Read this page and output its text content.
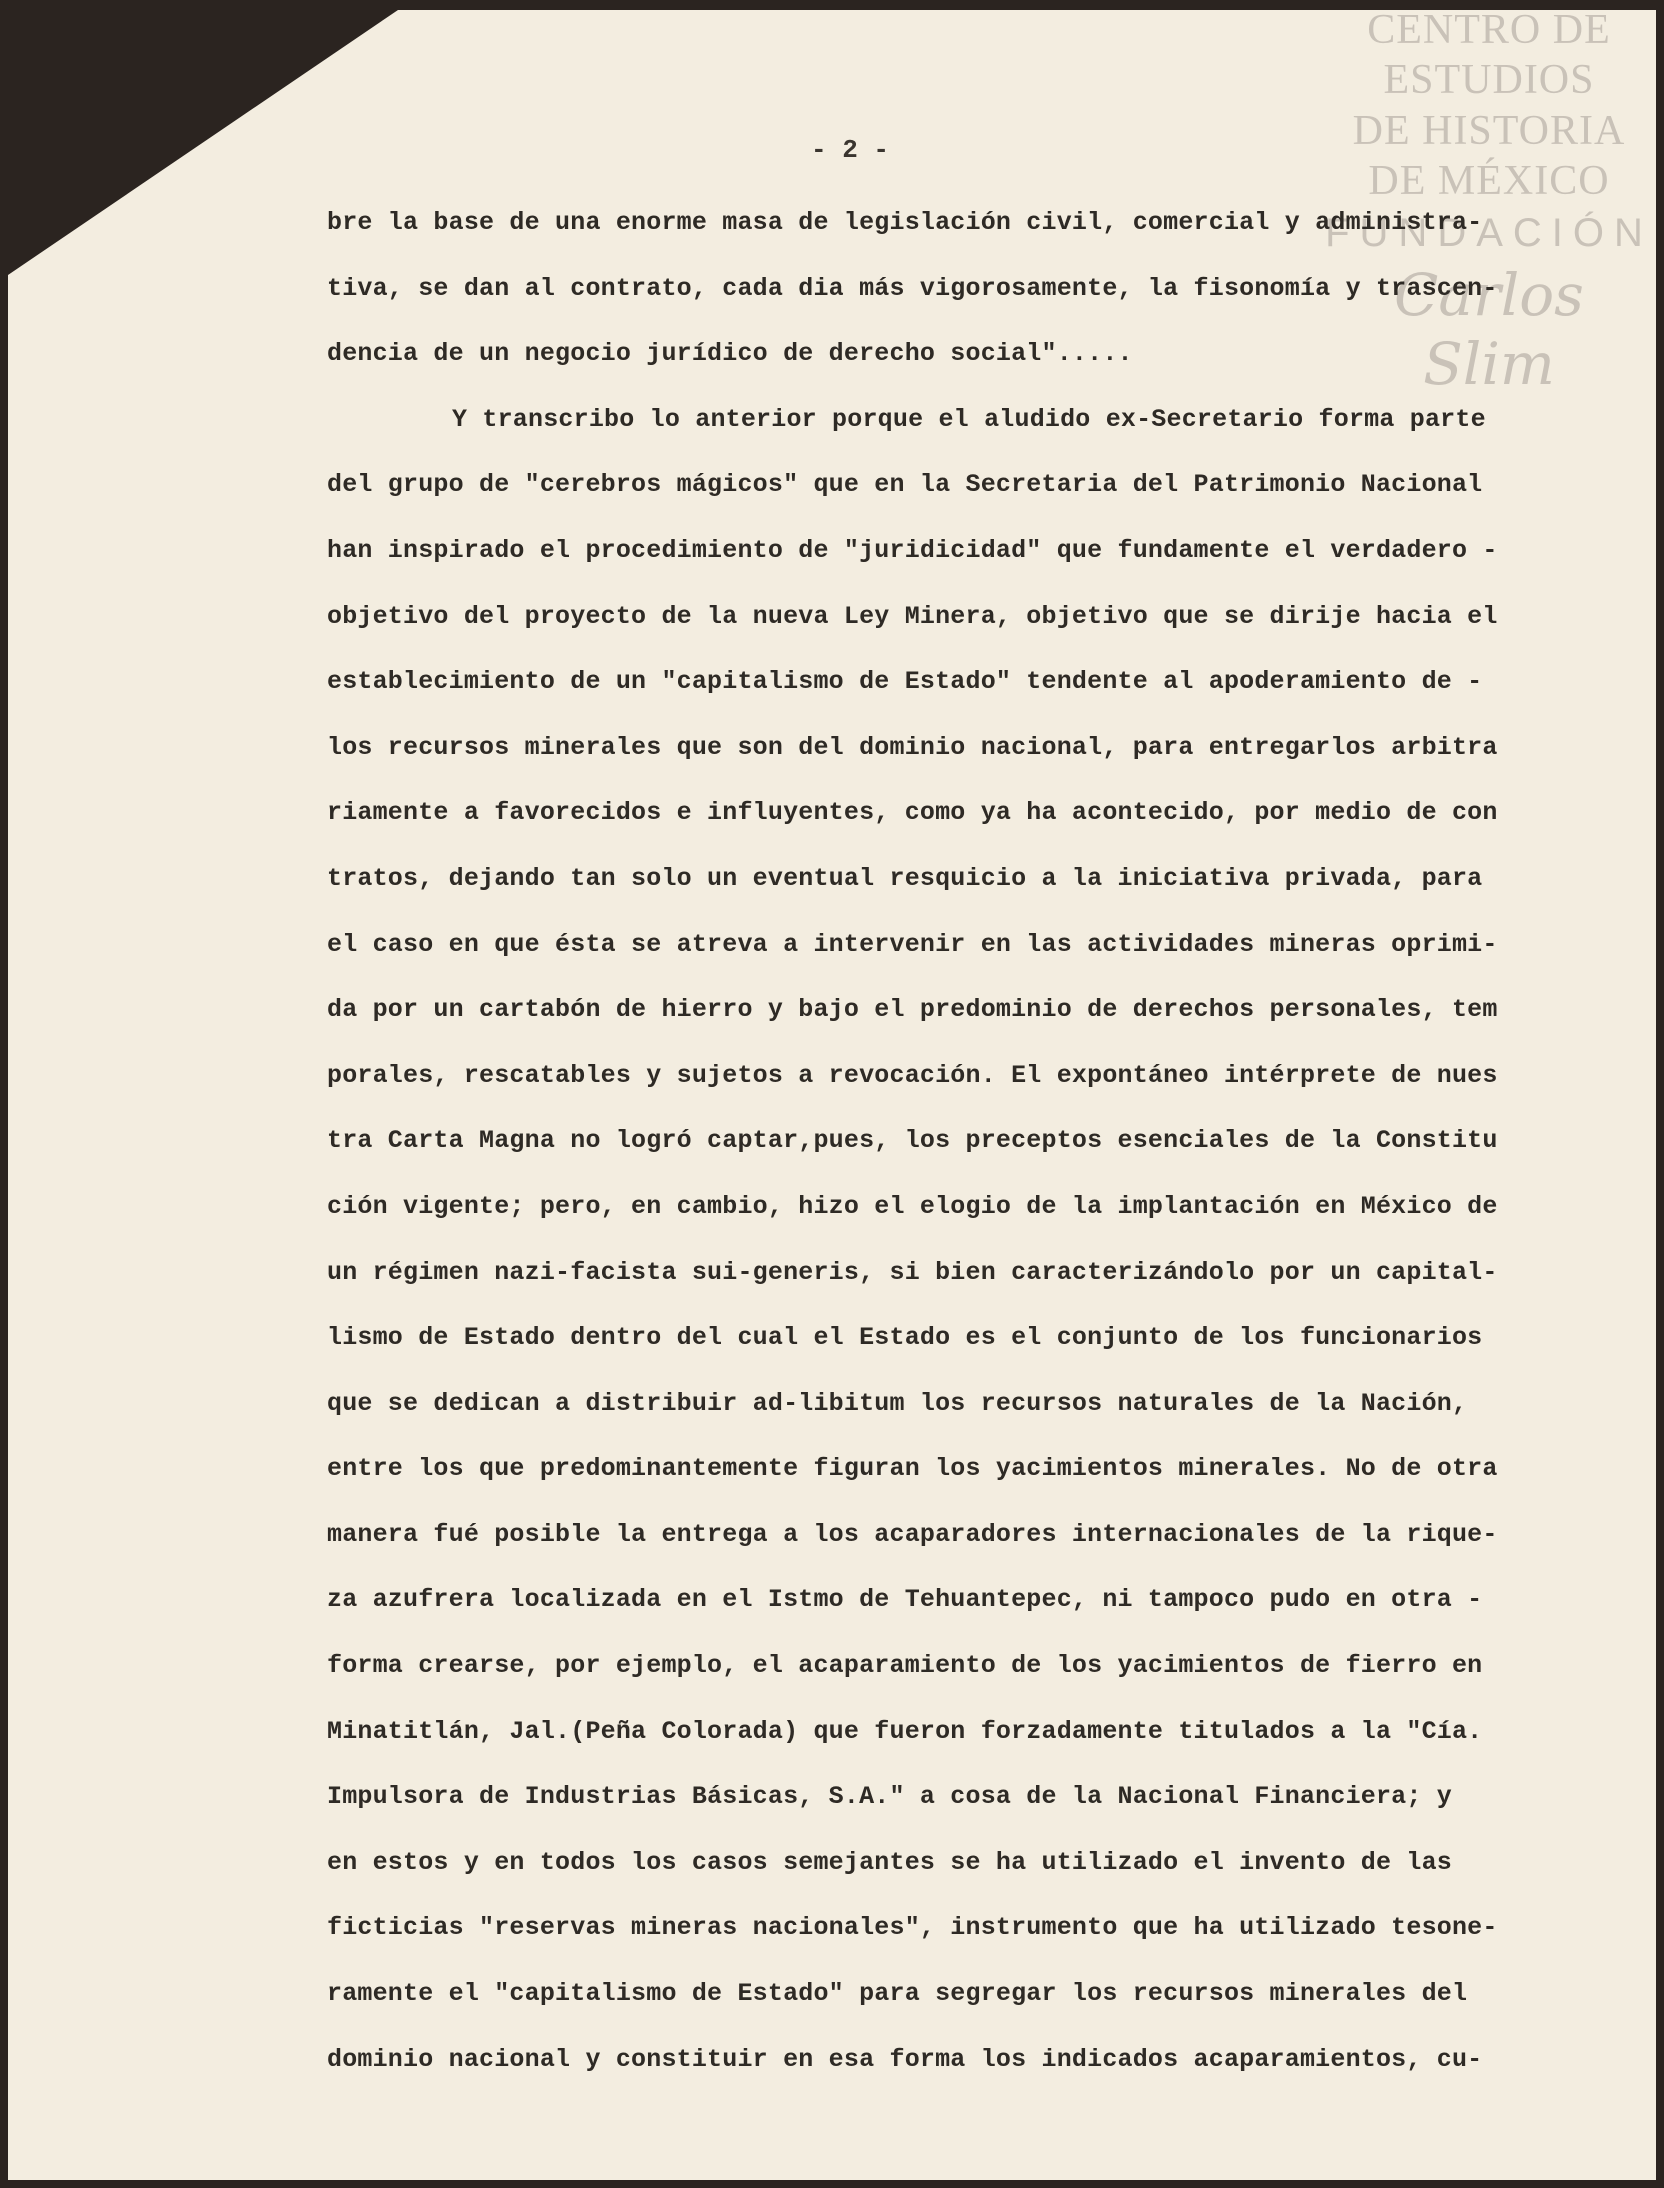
CENTRO DE
ESTUDIOS
DE HISTORIA
DE MÉXICO
FUNDACIÓN
Carlos Slim
- 2 -
bre la base de una enorme masa de legislación civil, comercial y administra-
tiva, se dan al contrato, cada dia más vigorosamente, la fisonomía y trascen-
dencia de un negocio jurídico de derecho social".....
Y transcribo lo anterior porque el aludido ex-Secretario forma parte
del grupo de "cerebros mágicos" que en la Secretaria del Patrimonio Nacional
han inspirado el procedimiento de "juridicidad" que fundamente el verdadero -
objetivo del proyecto de la nueva Ley Minera, objetivo que se dirije hacia el
establecimiento de un "capitalismo de Estado" tendente al apoderamiento de -
los recursos minerales que son del dominio nacional, para entregarlos arbitra
riamente a favorecidos e influyentes, como ya ha acontecido, por medio de con
tratos, dejando tan solo un eventual resquicio a la iniciativa privada, para
el caso en que ésta se atreva a intervenir en las actividades mineras oprimi-
da por un cartabón de hierro y bajo el predominio de derechos personales, tem
porales, rescatables y sujetos a revocación. El expontáneo intérprete de nues
tra Carta Magna no logró captar,pues, los preceptos esenciales de la Constitu
ción vigente; pero, en cambio, hizo el elogio de la implantación en México de
un régimen nazi-facista sui-generis, si bien caracterizándolo por un capital-
lismo de Estado dentro del cual el Estado es el conjunto de los funcionarios
que se dedican a distribuir ad-libitum los recursos naturales de la Nación,
entre los que predominantemente figuran los yacimientos minerales. No de otra
manera fué posible la entrega a los acaparadores internacionales de la rique-
za azufrera localizada en el Istmo de Tehuantepec, ni tampoco pudo en otra -
forma crearse, por ejemplo, el acaparamiento de los yacimientos de fierro en
Minatitlán, Jal.(Peña Colorada) que fueron forzadamente titulados a la "Cía.
Impulsora de Industrias Básicas, S.A." a cosa de la Nacional Financiera; y
en estos y en todos los casos semejantes se ha utilizado el invento de las
ficticias "reservas mineras nacionales", instrumento que ha utilizado tesone-
ramente el "capitalismo de Estado" para segregar los recursos minerales del
dominio nacional y constituir en esa forma los indicados acaparamientos, cu-
